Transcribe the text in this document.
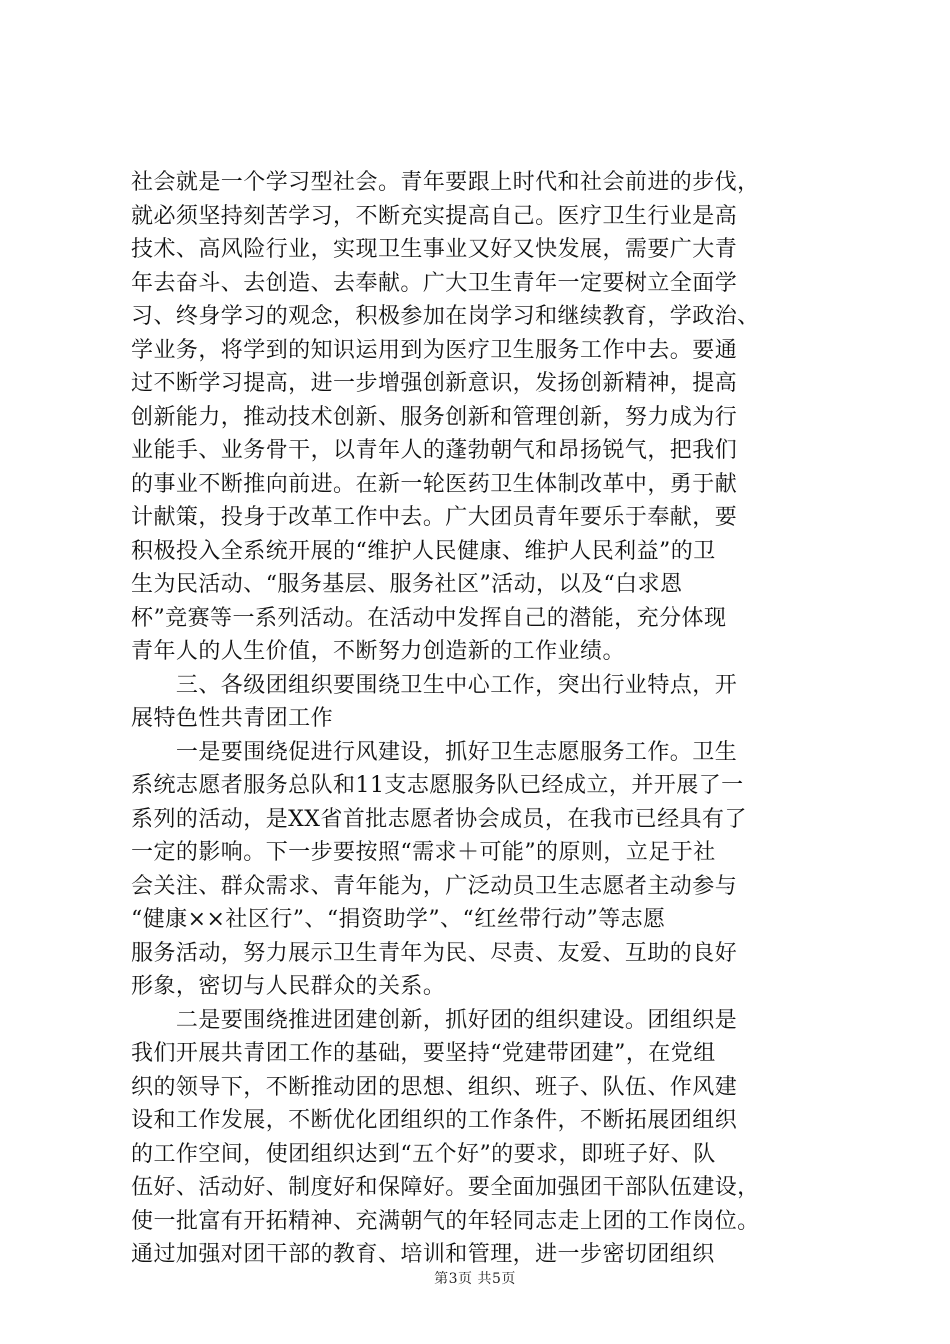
社会就是一个学习型社会。青年要跟上时代和社会前进的步伐，
就必须坚持刻苦学习，不断充实提高自己。医疗卫生行业是高
技术、高风险行业，实现卫生事业又好又快发展，需要广大青
年去奋斗、去创造、去奉献。广大卫生青年一定要树立全面学
习、终身学习的观念，积极参加在岗学习和继续教育，学政治、
学业务，将学到的知识运用到为医疗卫生服务工作中去。要通
过不断学习提高，进一步增强创新意识，发扬创新精神，提高
创新能力，推动技术创新、服务创新和管理创新，努力成为行
业能手、业务骨干，以青年人的蓬勃朝气和昂扬锐气，把我们
的事业不断推向前进。在新一轮医药卫生体制改革中，勇于献
计献策，投身于改革工作中去。广大团员青年要乐于奉献，要
积极投入全系统开展的“维护人民健康、维护人民利益”的卫
生为民活动、“服务基层、服务社区”活动，以及“白求恩
杯”竞赛等一系列活动。在活动中发挥自己的潜能，充分体现
青年人的人生价值，不断努力创造新的工作业绩。
　　三、各级团组织要围绕卫生中心工作，突出行业特点，开
展特色性共青团工作
　　一是要围绕促进行风建设，抓好卫生志愿服务工作。卫生
系统志愿者服务总队和11支志愿服务队已经成立，并开展了一
系列的活动，是XX省首批志愿者协会成员，在我市已经具有了
一定的影响。下一步要按照“需求＋可能”的原则，立足于社
会关注、群众需求、青年能为，广泛动员卫生志愿者主动参与
“健康××社区行”、“捐资助学”、“红丝带行动”等志愿
服务活动，努力展示卫生青年为民、尽责、友爱、互助的良好
形象，密切与人民群众的关系。
　　二是要围绕推进团建创新，抓好团的组织建设。团组织是
我们开展共青团工作的基础，要坚持“党建带团建”，在党组
织的领导下，不断推动团的思想、组织、班子、队伍、作风建
设和工作发展，不断优化团组织的工作条件，不断拓展团组织
的工作空间，使团组织达到“五个好”的要求，即班子好、队
伍好、活动好、制度好和保障好。要全面加强团干部队伍建设，
使一批富有开拓精神、充满朝气的年轻同志走上团的工作岗位。
通过加强对团干部的教育、培训和管理，进一步密切团组织
第3页 共5页
